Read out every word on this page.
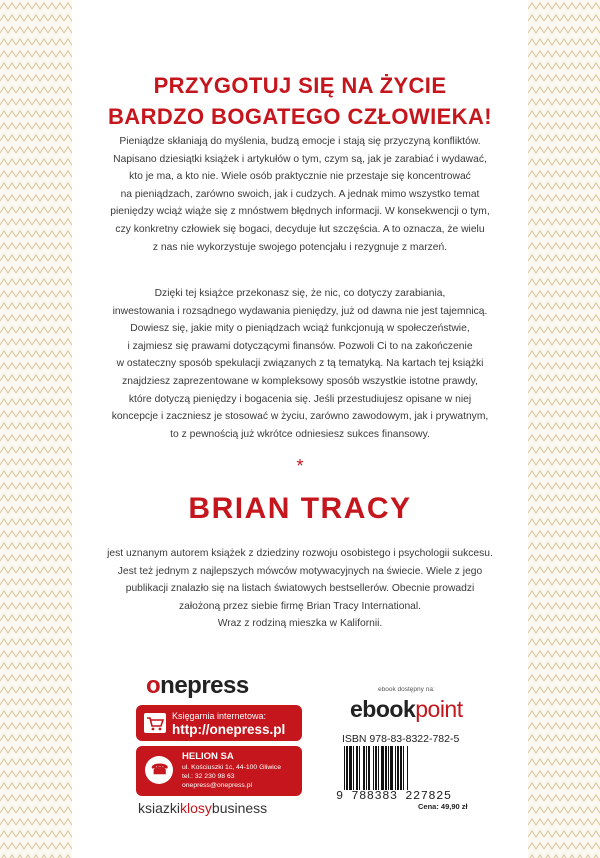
PRZYGOTUJ SIĘ NA ŻYCIE
BARDZO BOGATEGO CZŁOWIEKA!
Pieniądze skłaniają do myślenia, budzą emocje i stają się przyczyną konfliktów.
Napisano dziesiątki książek i artykułów o tym, czym są, jak je zarabiać i wydawać,
kto je ma, a kto nie. Wiele osób praktycznie nie przestaje się koncentrować
na pieniądzach, zarówno swoich, jak i cudzych. A jednak mimo wszystko temat
pieniędzy wciąż wiąże się z mnóstwem błędnych informacji. W konsekwencji o tym,
czy konkretny człowiek się bogaci, decyduje łut szczęścia. A to oznacza, że wielu
z nas nie wykorzystuje swojego potencjału i rezygnuje z marzeń.
Dzięki tej książce przekonasz się, że nic, co dotyczy zarabiania,
inwestowania i rozsądnego wydawania pieniędzy, już od dawna nie jest tajemnicą.
Dowiesz się, jakie mity o pieniądzach wciąż funkcjonują w społeczeństwie,
i zajmiesz się prawami dotyczącymi finansów. Pozwoli Ci to na zakończenie
w ostateczny sposób spekulacji związanych z tą tematyką. Na kartach tej książki
znajdziesz zaprezentowane w kompleksowy sposób wszystkie istotne prawdy,
które dotyczą pieniędzy i bogacenia się. Jeśli przestudiujesz opisane w niej
koncepcje i zaczniesz je stosować w życiu, zarówno zawodowym, jak i prywatnym,
to z pewnością już wkrótce odniesiesz sukces finansowy.
*
BRIAN TRACY
jest uznanym autorem książek z dziedziny rozwoju osobistego i psychologii sukcesu.
Jest też jednym z najlepszych mówców motywacyjnych na świecie. Wiele z jego
publikacji znalazło się na listach światowych bestsellerów. Obecnie prowadzi
założoną przez siebie firmę Brian Tracy International.
Wraz z rodziną mieszka w Kalifornii.
onepress
Księgarnia internetowa:
http://onepress.pl
☎
HELION SA
ul. Kościuszki 1c, 44-100 Gliwice
tel.: 32 230 98 63
onepress@onepress.pl
ksiazkiklosybusiness
ebook dostępny na:
ebookpoint
ISBN 978-83-8322-782-5
9 788383 227825
Cena: 49,90 zł
